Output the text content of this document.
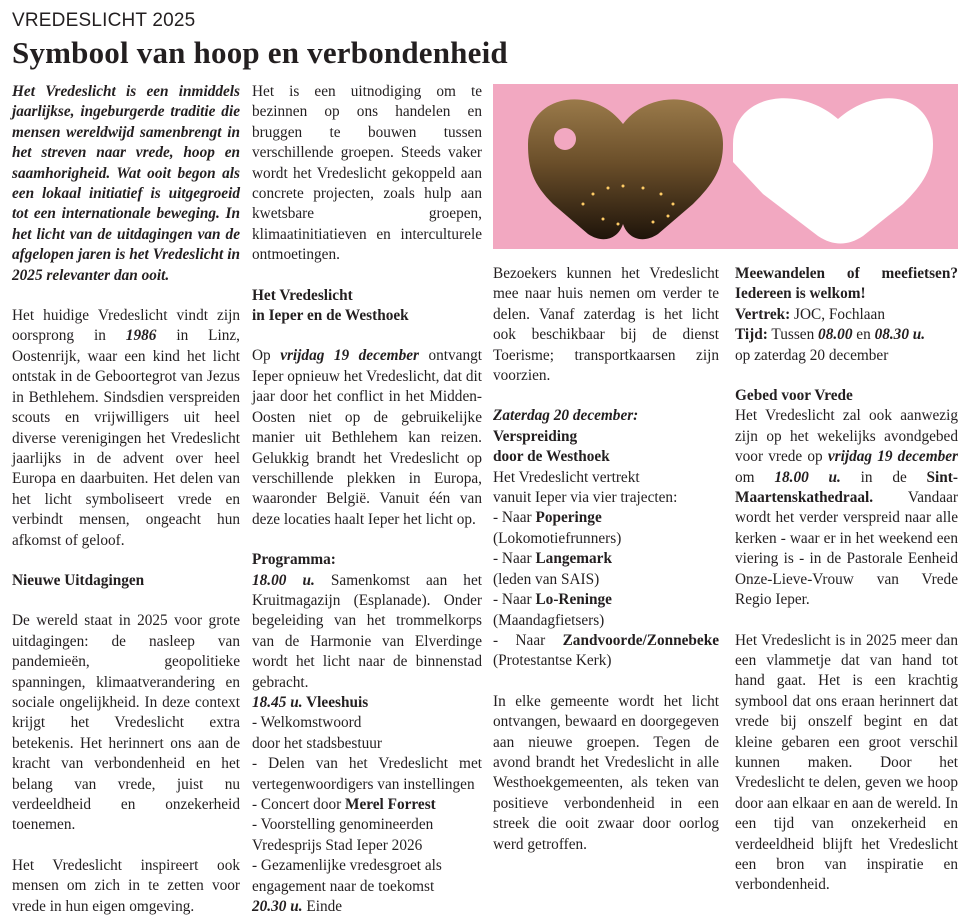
VREDESLICHT 2025
Symbool van hoop en verbondenheid

Het Vredeslicht is een inmiddels jaarlijkse, ingeburgerde traditie die mensen wereldwijd samenbrengt in het streven naar vrede, hoop en saamhorigheid. Wat ooit begon als een lokaal initiatief is uitgegroeid tot een internationale beweging. In het licht van de uitdagingen van de afgelopen jaren is het Vredeslicht in 2025 relevanter dan ooit.

Het huidige Vredeslicht vindt zijn oorsprong in 1986 in Linz, Oostenrijk, waar een kind het licht ontstak in de Geboortegrot van Jezus in Bethlehem. Sindsdien verspreiden scouts en vrijwilligers uit heel diverse verenigingen het Vredeslicht jaarlijks in de advent over heel Europa en daarbuiten. Het delen van het licht symboliseert vrede en verbindt mensen, ongeacht hun afkomst of geloof.

Nieuwe Uitdagingen

De wereld staat in 2025 voor grote uitdagingen: de nasleep van pandemieën, geopolitieke spanningen, klimaatverandering en sociale ongelijkheid. In deze context krijgt het Vredeslicht extra betekenis. Het herinnert ons aan de kracht van verbondenheid en het belang van vrede, juist nu verdeeldheid en onzekerheid toenemen.

Het Vredeslicht inspireert ook mensen om zich in te zetten voor vrede in hun eigen omgeving.

Het is een uitnodiging om te bezinnen op ons handelen en bruggen te bouwen tussen verschillende groepen. Steeds vaker wordt het Vredeslicht gekoppeld aan concrete projecten, zoals hulp aan kwetsbare groepen, klimaatinitiatieven en interculturele ontmoetingen.

Het Vredeslicht
in Ieper en de Westhoek

Op vrijdag 19 december ontvangt Ieper opnieuw het Vredeslicht, dat dit jaar door het conflict in het Midden-Oosten niet op de gebruikelijke manier uit Bethlehem kan reizen. Gelukkig brandt het Vredeslicht op verschillende plekken in Europa, waaronder België. Vanuit één van deze locaties haalt Ieper het licht op.

Programma:
18.00 u. Samenkomst aan het Kruitmagazijn (Esplanade). Onder begeleiding van het trommelkorps van de Harmonie van Elverdinge wordt het licht naar de binnenstad gebracht.
18.45 u. Vleeshuis
- Welkomstwoord
door het stadsbestuur
- Delen van het Vredeslicht met vertegenwoordigers van instellingen
- Concert door Merel Forrest
- Voorstelling genomineerden
Vredesprijs Stad Ieper 2026
- Gezamenlijke vredesgroet als
engagement naar de toekomst
20.30 u. Einde

Bezoekers kunnen het Vredeslicht mee naar huis nemen om verder te delen. Vanaf zaterdag is het licht ook beschikbaar bij de dienst Toerisme; transportkaarsen zijn voorzien.

Zaterdag 20 december:
Verspreiding
door de Westhoek
Het Vredeslicht vertrekt
vanuit Ieper via vier trajecten:
- Naar Poperinge
(Lokomotiefrunners)
- Naar Langemark
(leden van SAIS)
- Naar Lo-Reninge
(Maandagfietsers)
- Naar Zandvoorde/Zonnebeke
(Protestantse Kerk)

In elke gemeente wordt het licht ontvangen, bewaard en doorgegeven aan nieuwe groepen. Tegen de avond brandt het Vredeslicht in alle Westhoekgemeenten, als teken van positieve verbondenheid in een streek die ooit zwaar door oorlog werd getroffen.

Meewandelen of meefietsen?
Iedereen is welkom!
Vertrek: JOC, Fochlaan
Tijd: Tussen 08.00 en 08.30 u.
op zaterdag 20 december
Gebed voor Vrede

Het Vredeslicht zal ook aanwezig zijn op het wekelijks avondgebed voor vrede op vrijdag 19 december om 18.00 u. in de Sint-Maartenskathedraal. Vandaar wordt het verder verspreid naar alle kerken - waar er in het weekend een viering is - in de Pastorale Eenheid Onze-Lieve-Vrouw van Vrede Regio Ieper.

Het Vredeslicht is in 2025 meer dan een vlammetje dat van hand tot hand gaat. Het is een krachtig symbool dat ons eraan herinnert dat vrede bij onszelf begint en dat kleine gebaren een groot verschil kunnen maken. Door het Vredeslicht te delen, geven we hoop door aan elkaar en aan de wereld. In een tijd van onzekerheid en verdeeldheid blijft het Vredeslicht een bron van inspiratie en verbondenheid.
